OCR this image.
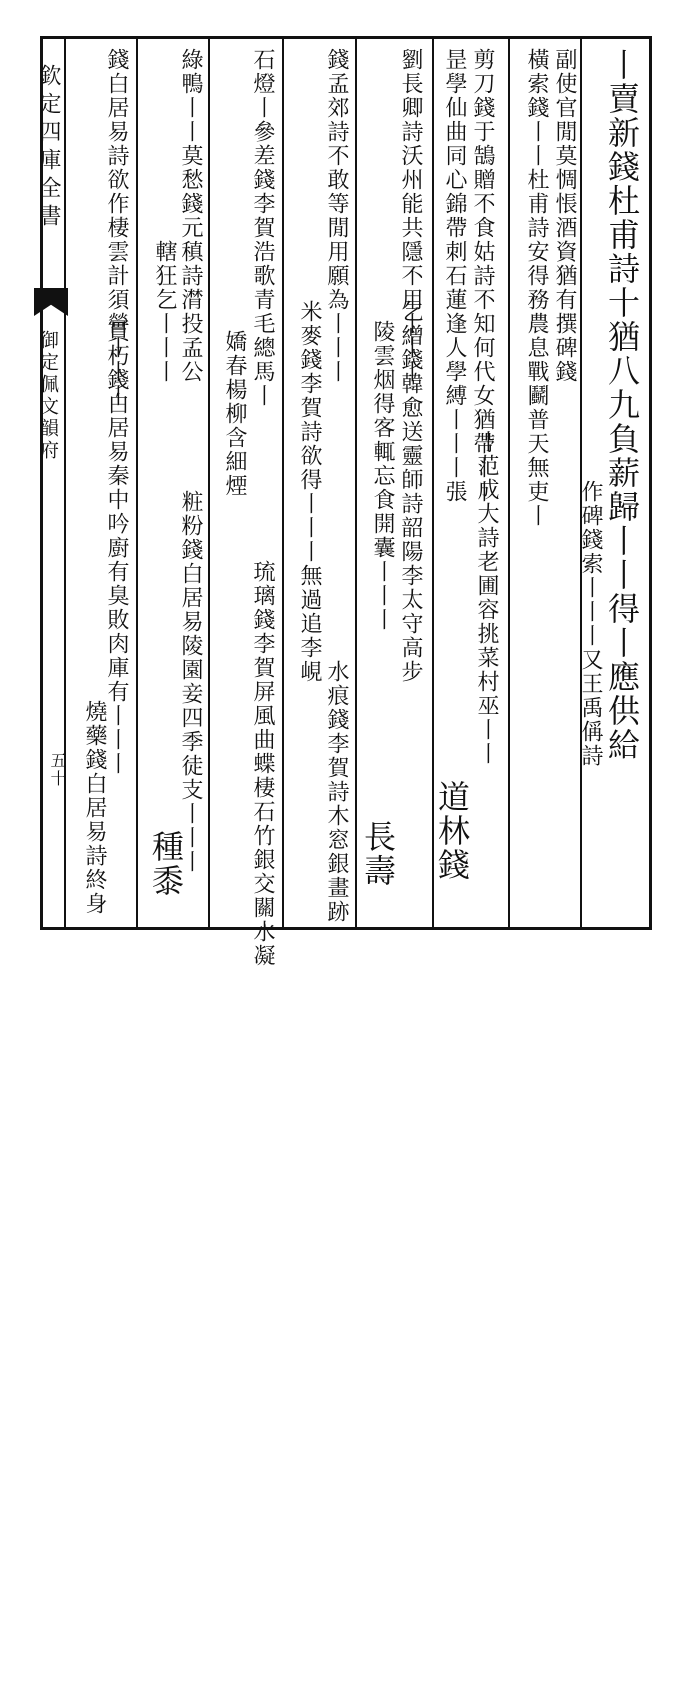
欽定四庫全書
御定佩文韻府
五十
丨賣新錢杜甫詩十猶八九負薪歸丨丨得丨應供給
副使官閒莫惆悵酒資猶有撰碑錢
橫索錢丨丨杜甫詩安得務農息戰鬬普天無吏丨
作碑錢索丨丨丨又王禹偁詩
丨范成大詩老圃容挑菜村巫丨丨
剪刀錢于鵠贈不食姑詩不知何代女猶帶丨丨
昰學仙曲同心錦帶刺石蓮逢人學縛丨丨丨張
道林錢
劉長卿詩沃州能共隱不用丨丨丨
乞繒錢韓愈送靈師詩韶陽李太守高步
陵雲烟得客輒忘食開囊丨丨丨
長壽
錢孟郊詩不敢等閒用願為丨丨丨
米麥錢李賀詩欲得丨丨丨無過追李峴
水痕錢李賀詩木窓銀畫跡
石燈丨參差錢李賀浩歌青毛總馬丨
琉璃錢李賀屏風曲蝶棲石竹銀交關水凝
嬌春楊柳含細煙
綠鴨丨丨莫愁錢元稹詩潸投孟公
轄狂乞丨丨丨
粧粉錢白居易陵園妾四季徒支丨丨丨
種黍
錢白居易詩欲作棲雲計須營丨丨丨
貫朽錢白居易秦中吟廚有臭敗肉庫有丨丨丨
燒藥錢白居易詩終身
